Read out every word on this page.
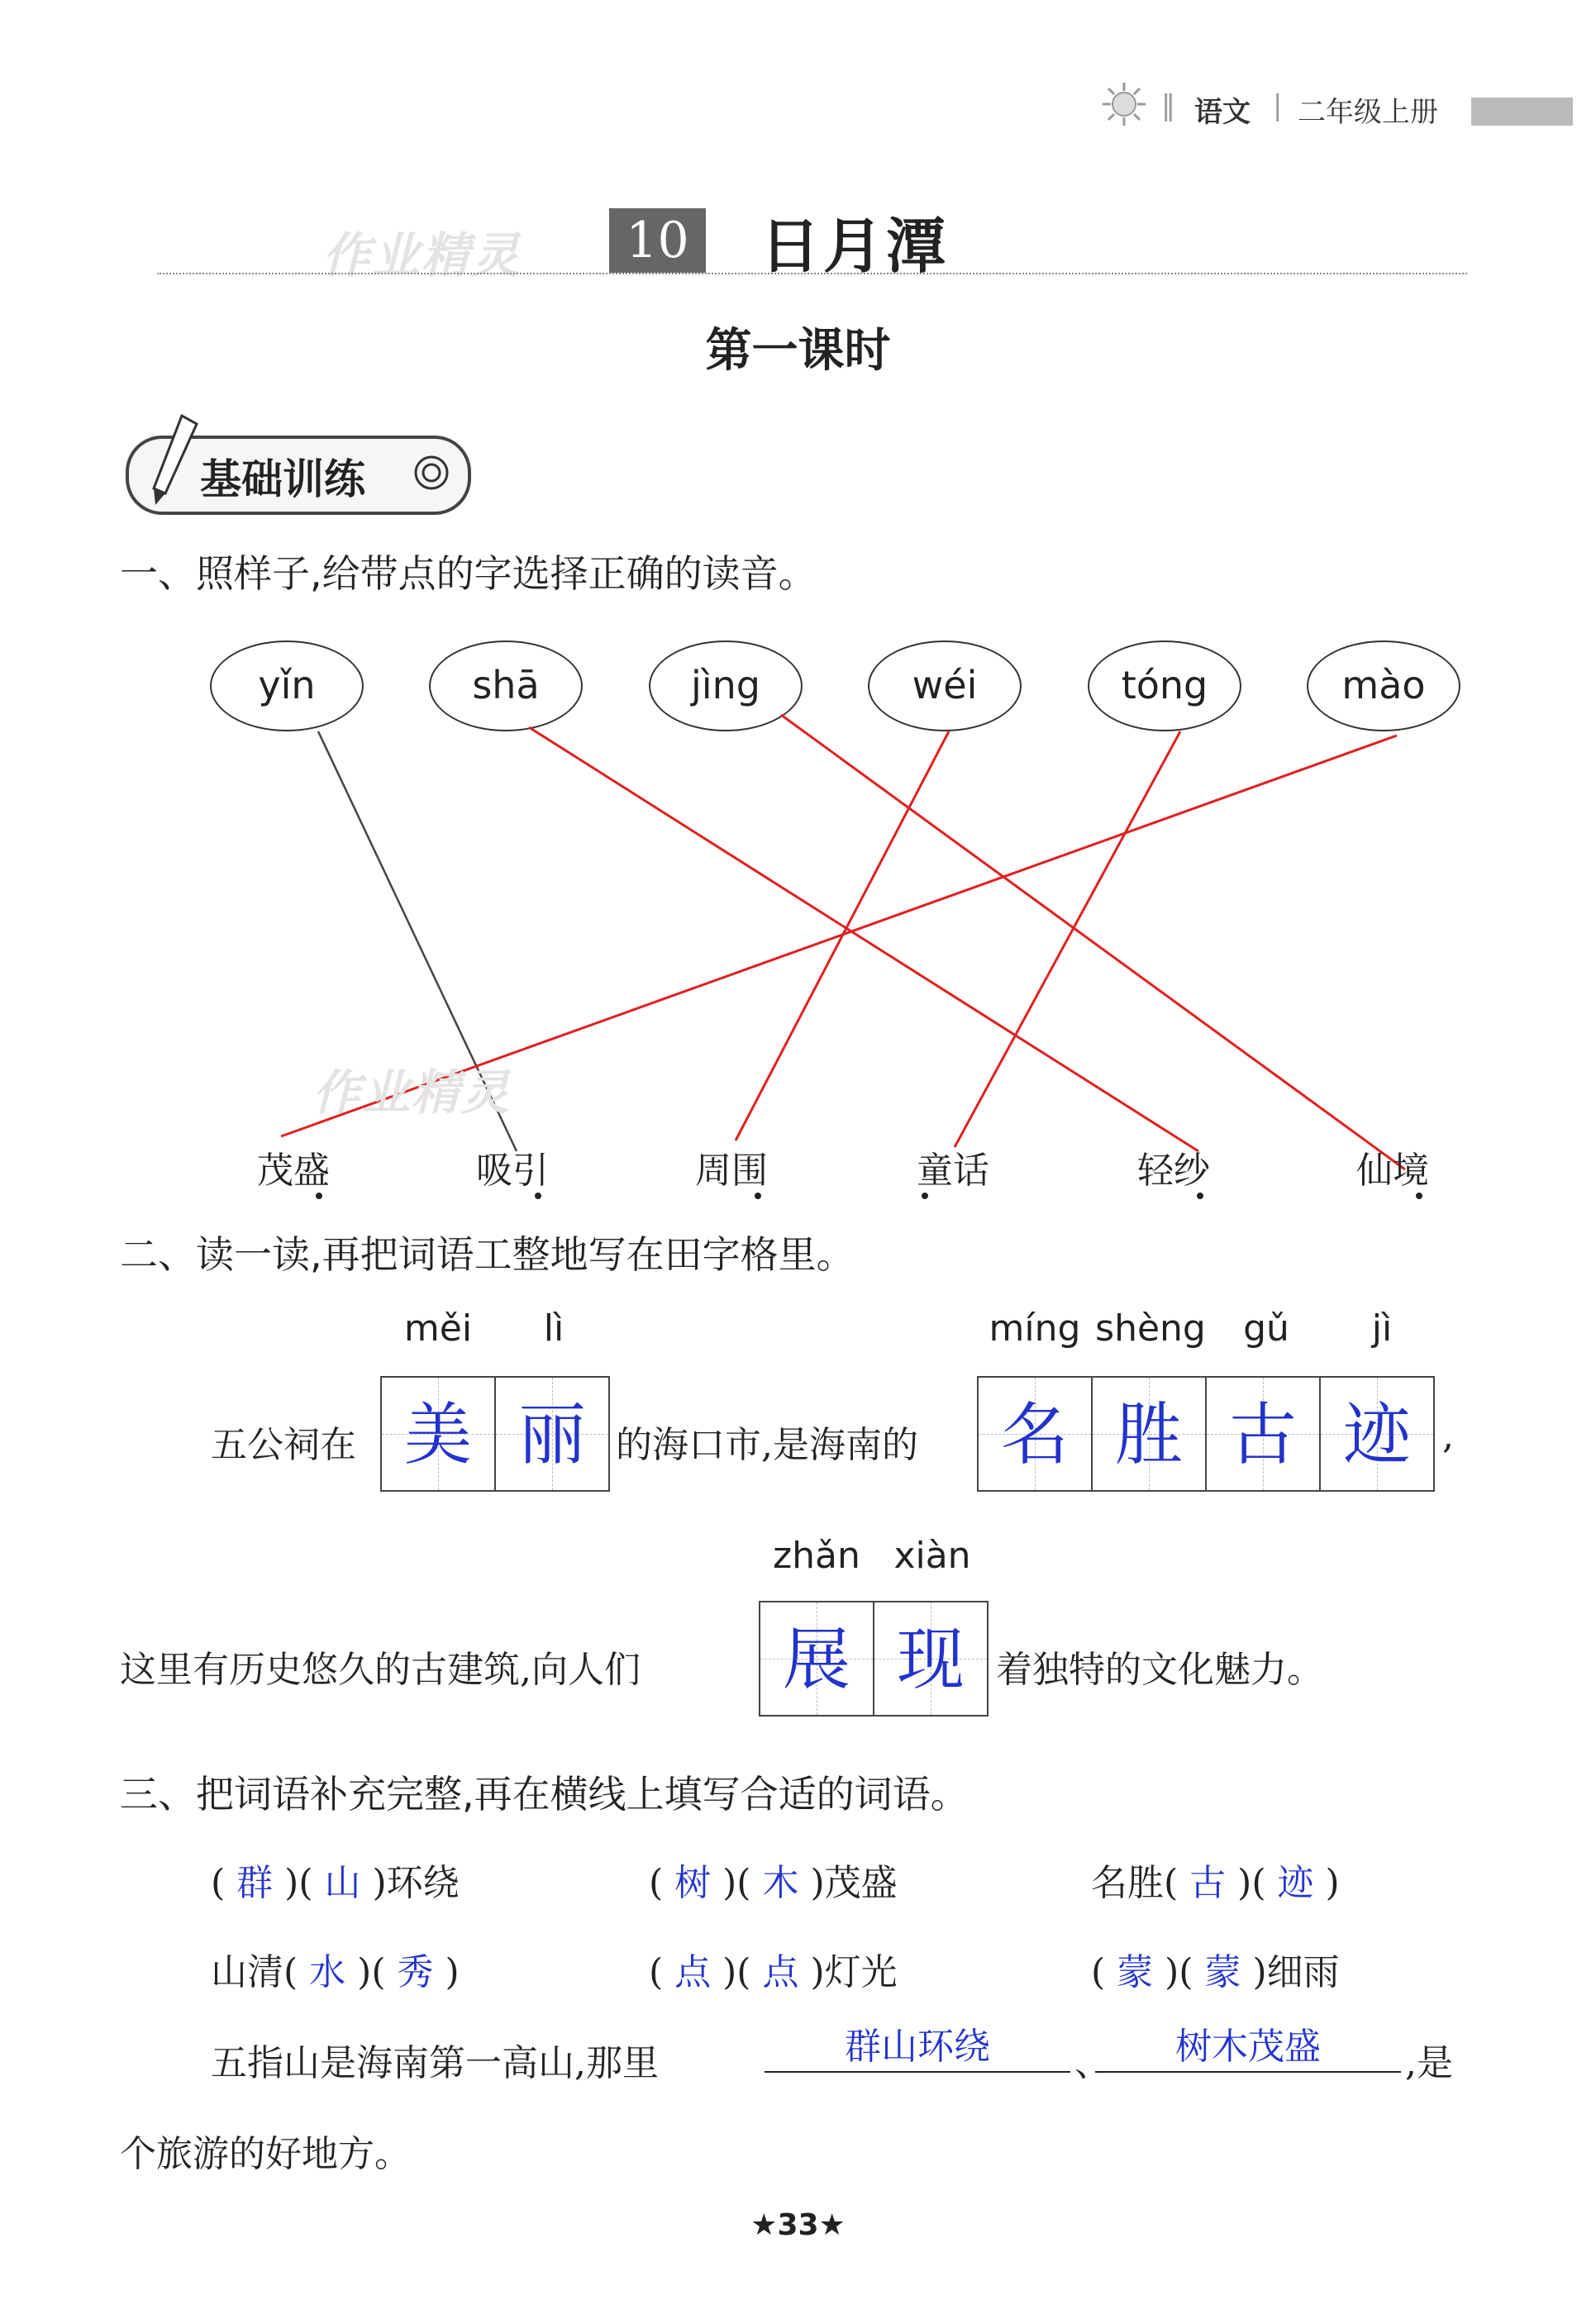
‖ 语文 | 二年级上册
作业精灵	10 日月潭
第一课时
基础训练
一、照样子,给带点的字选择正确的读音。
yǐn	shā	jìng	wéi	tóng	mào
作业精灵
茂盛	吸引	周围	童话	轻纱	仙境
二、读一读,再把词语工整地写在田字格里。
měi	lì	míng shèng	gǔ	jì
五公祠在 美 丽 的海口市,是海南的	名 胜 古 迹 ,
zhǎn xiàn
这里有历史悠久的古建筑,向人们	展 现 着独特的文化魅力。
三、把词语补充完整,再在横线上填写合适的词语。
( 群 )( 山 )环绕	( 树 )( 木 )茂盛	名胜( 古 )( 迹 )
山清( 水 )( 秀 )	( 点 )( 点 )灯光	( 蒙 )( 蒙 )细雨
五指山是海南第一高山,那里	群山环绕	、	树木茂盛	,是
个旅游的好地方。
★33★
